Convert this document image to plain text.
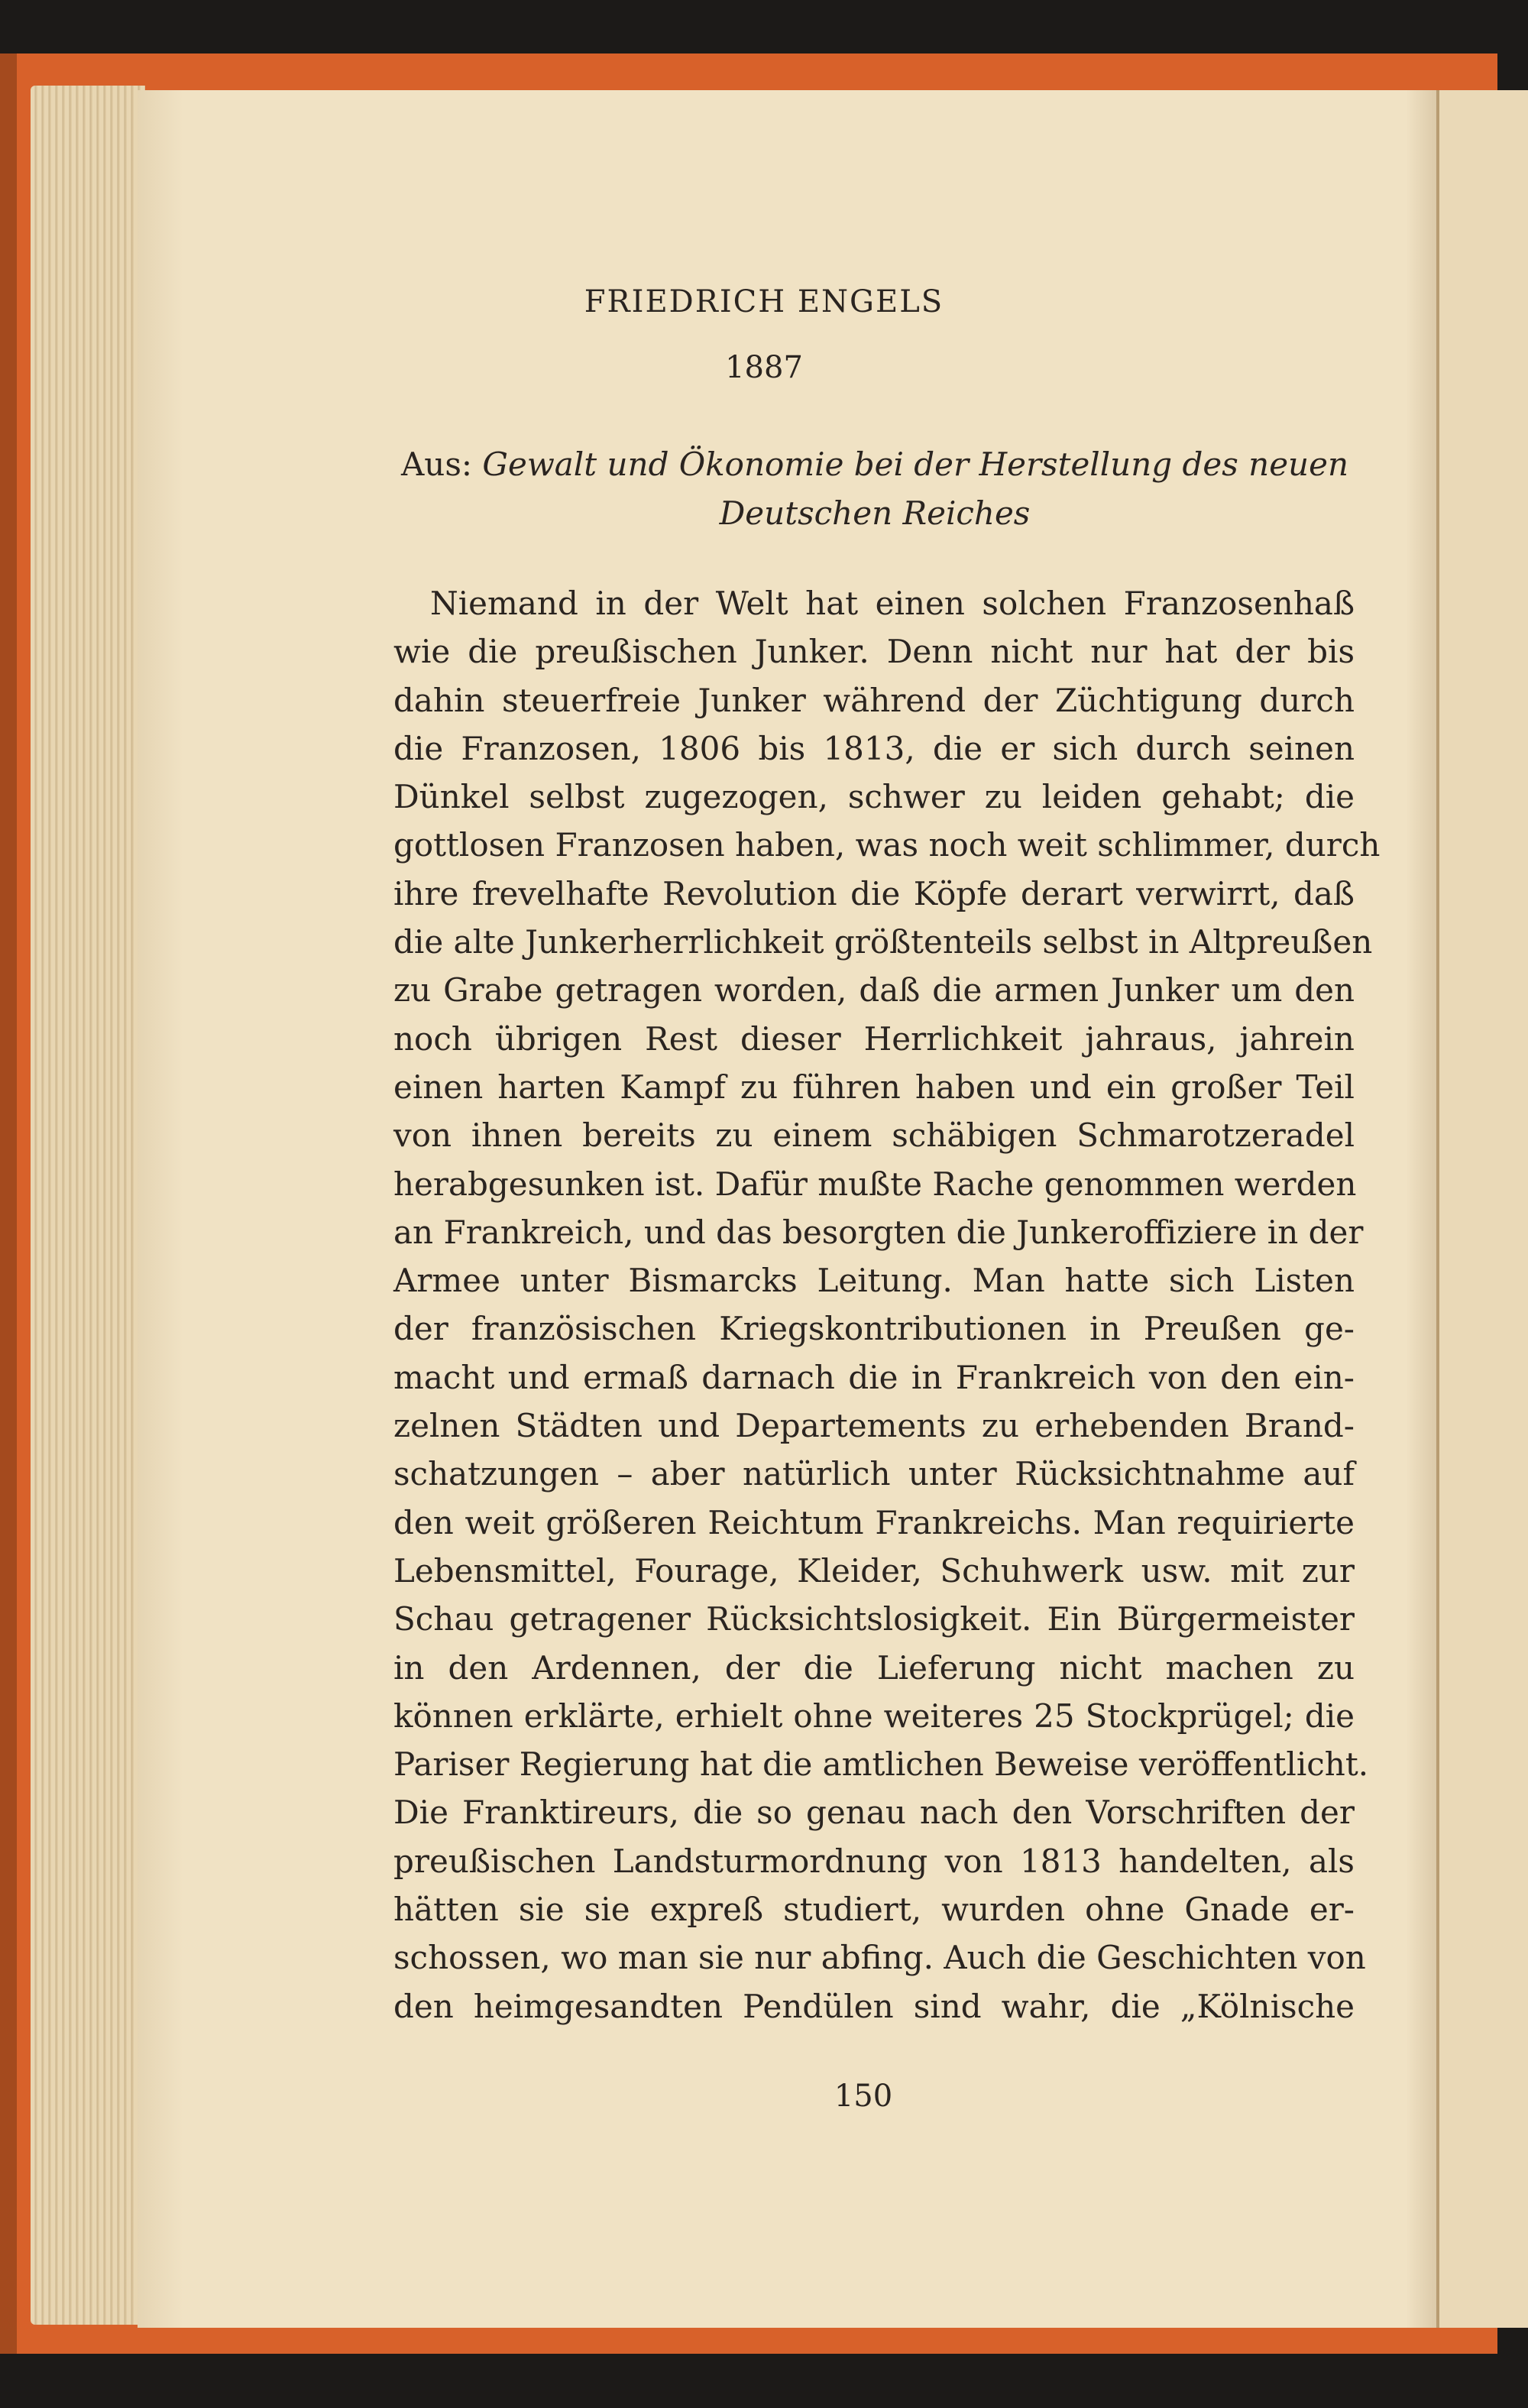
FRIEDRICH ENGELS
1887
Aus: Gewalt und Ökonomie bei der Herstellung des neuen
Deutschen Reiches
Niemand in der Welt hat einen solchen Franzosenhaß
wie die preußischen Junker. Denn nicht nur hat der bis
dahin steuerfreie Junker während der Züchtigung durch
die Franzosen, 1806 bis 1813, die er sich durch seinen
Dünkel selbst zugezogen, schwer zu leiden gehabt; die
gottlosen Franzosen haben, was noch weit schlimmer, durch
ihre frevelhafte Revolution die Köpfe derart verwirrt, daß
die alte Junkerherrlichkeit größtenteils selbst in Altpreußen
zu Grabe getragen worden, daß die armen Junker um den
noch übrigen Rest dieser Herrlichkeit jahraus, jahrein
einen harten Kampf zu führen haben und ein großer Teil
von ihnen bereits zu einem schäbigen Schmarotzeradel
herabgesunken ist. Dafür mußte Rache genommen werden
an Frankreich, und das besorgten die Junkeroffiziere in der
Armee unter Bismarcks Leitung. Man hatte sich Listen
der französischen Kriegskontributionen in Preußen ge-
macht und ermaß darnach die in Frankreich von den ein-
zelnen Städten und Departements zu erhebenden Brand-
schatzungen – aber natürlich unter Rücksichtnahme auf
den weit größeren Reichtum Frankreichs. Man requirierte
Lebensmittel, Fourage, Kleider, Schuhwerk usw. mit zur
Schau getragener Rücksichtslosigkeit. Ein Bürgermeister
in den Ardennen, der die Lieferung nicht machen zu
können erklärte, erhielt ohne weiteres 25 Stockprügel; die
Pariser Regierung hat die amtlichen Beweise veröffentlicht.
Die Franktireurs, die so genau nach den Vorschriften der
preußischen Landsturmordnung von 1813 handelten, als
hätten sie sie expreß studiert, wurden ohne Gnade er-
schossen, wo man sie nur abfing. Auch die Geschichten von
den heimgesandten Pendülen sind wahr, die „Kölnische
150
